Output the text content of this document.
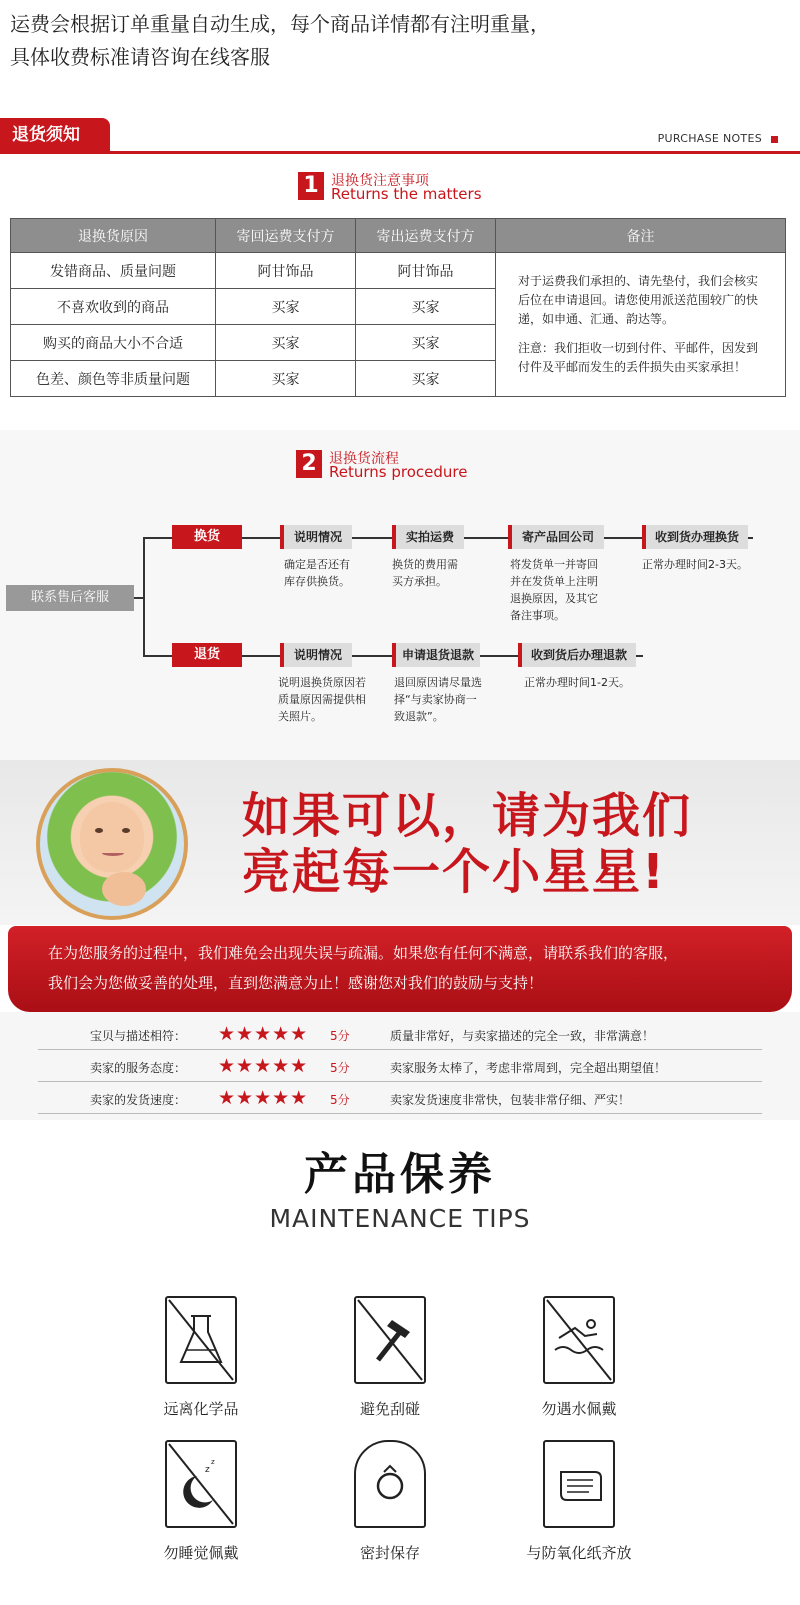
运费会根据订单重量自动生成，每个商品详情都有注明重量，
具体收费标准请咨询在线客服
退货须知	PURCHASE NOTES
1 退换货注意事项
Returns the matters
退换货原因	寄回运费支付方	寄出运费支付方	备注
发错商品、质量问题	阿甘饰品	阿甘饰品	对于运费我们承担的、请先垫付，我们会核实后位在申请退回。请您使用派送范围较广的快递，如申通、汇通、韵达等。

注意：我们拒收一切到付件、平邮件，因发到付件及平邮而发生的丢件损失由买家承担！

不喜欢收到的商品	买家	买家	
购买的商品大小不合适	买家	买家	
色差、颜色等非质量问题	买家	买家	
2 退换货流程
Returns procedure
联系售后客服
换货	说明情况	实拍运费	寄产品回公司	收到货办理换货
确定是否还有库存供换货。
换货的费用需买方承担。
将发货单一并寄回并在发货单上注明退换原因，及其它备注事项。
正常办理时间2-3天。
退货	说明情况	申请退货退款	收到货后办理退款
说明退换货原因若质量原因需提供相关照片。
退回原因请尽量选择“与卖家协商一致退款”。
正常办理时间1-2天。
如果可以，请为我们
亮起每一个小星星!
在为您服务的过程中，我们难免会出现失误与疏漏。如果您有任何不满意，请联系我们的客服，
我们会为您做妥善的处理，直到您满意为止！感谢您对我们的鼓励与支持！
宝贝与描述相符： ★★★★★ 5分	质量非常好，与卖家描述的完全一致，非常满意！
卖家的服务态度： ★★★★★ 5分	卖家服务太棒了，考虑非常周到，完全超出期望值！
卖家的发货速度： ★★★★★ 5分	卖家发货速度非常快，包装非常仔细、严实！
产品保养
MAINTENANCE TIPS
远离化学品	避免刮碰	勿遇水佩戴
z
z
勿睡觉佩戴	密封保存	与防氧化纸齐放
